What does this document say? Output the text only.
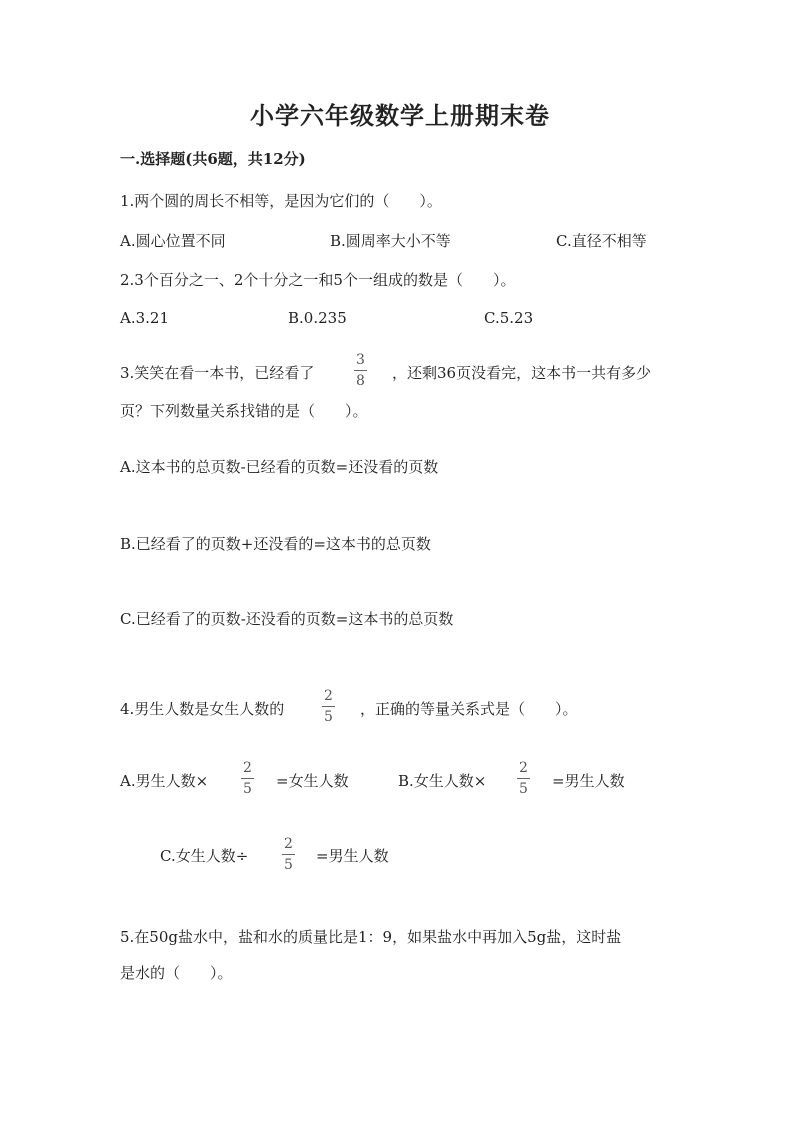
小学六年级数学上册期末卷
一.选择题(共6题，共12分)
1.两个圆的周长不相等，是因为它们的（　　）。
A.圆心位置不同	B.圆周率大小不等	C.直径不相等
2.3个百分之一、2个十分之一和5个一组成的数是（　　）。
A.3.21	B.0.235	C.5.23
3.笑笑在看一本书，已经看了
3
8 ，还剩36页没看完，这本书一共有多少
页？下列数量关系找错的是（　　）。
A.这本书的总页数-已经看的页数=还没看的页数
B.已经看了的页数+还没看的=这本书的总页数
C.已经看了的页数-还没看的页数=这本书的总页数
4.男生人数是女生人数的
2
5 ，正确的等量关系式是（　　）。
A.男生人数×
2
5 =女生人数	B.女生人数×
2
5 =男生人数
C.女生人数÷
2
5 =男生人数
5.在50g盐水中，盐和水的质量比是1：9，如果盐水中再加入5g盐，这时盐
是水的（　　）。
